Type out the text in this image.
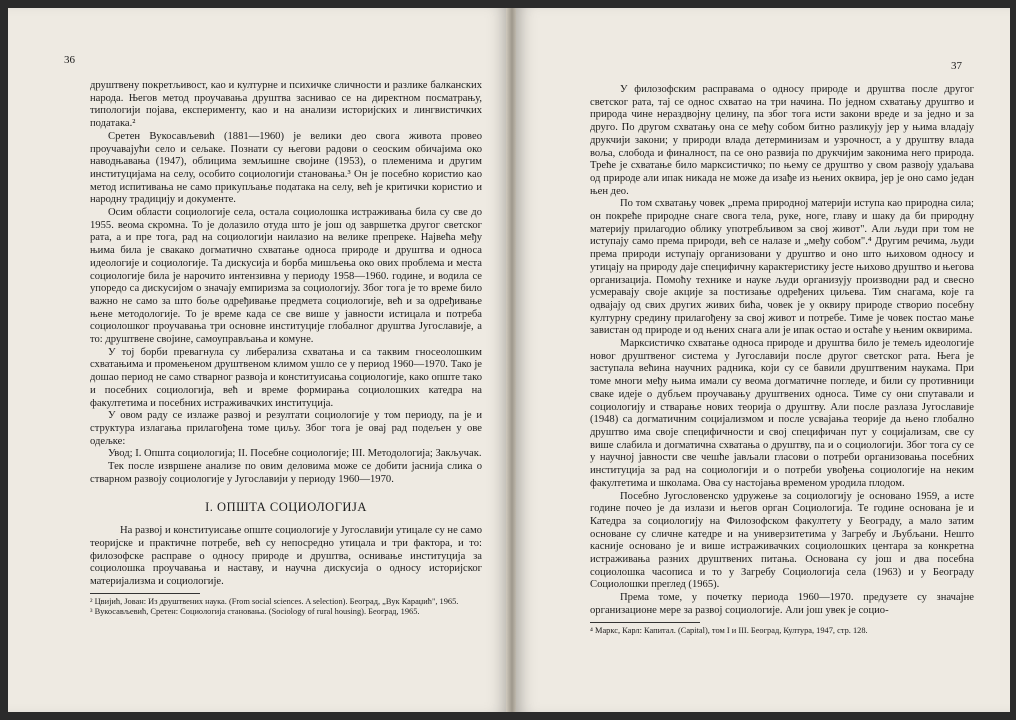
36

друштвену покретљивост, као и културне и психичке сличности и разлике балканских народа. Његов метод проучавања друштва заснивао се на директном посматрању, типологији појава, експерименту, као и на анализи историјских и лингвистичких података.²

Сретен Вукосављевић (1881—1960) је велики део свога живота провео проучавајући село и сељаке. Познати су његови радови о сеоским обичајима око наводњавања (1947), облицима земљишне својине (1953), о племенима и другим институцијама на селу, особито социологији становања.³ Он је посебно користио као метод испитивања не само прикупљање података на селу, већ је критички користио и народну традицију и документе.

Осим области социологије села, остала социолошка истраживања била су све до 1955. веома скромна. То је долазило отуда што је још од завршетка другог светског рата, а и пре тога, рад на социологији наилазио на велике препреке. Највећа међу њима била је свакако догматично схватање односа природе и друштва и односа идеологије и социологије. Та дискусија и борба мишљења око ових проблема и места социологије била је нарочито интензивна у периоду 1958—1960. године, и водила се упоредо са дискусијом о значају емпиризма за социологију. Због тога је то време било важно не само за што боље одређивање предмета социологије, већ и за одређивање њене методологије. То је време када се све више у јавности истицала и потреба социолошког проучавања три основне институције глобалног друштва Југославије, а то: друштвене својине, самоуправљања и комуне.

У тој борби превагнула су либерализа схватања и са таквим гносеолошким схватањима и промењеном друштвеном климом ушло се у период 1960—1970. Тако је дошао период не само стварног развоја и конституисања социологије, како опште тако и посебних социологија, већ и време формирања социолошких катедра на факултетима и посебних истраживачких институција.

У овом раду се излаже развој и резултати социологије у том периоду, па је и структура излагања прилагођена томе циљу. Због тога је овај рад подељен у ове одељке:

Увод; I. Општа социологија; II. Посебне социологије; III. Методологија; Закључак.

Тек после извршене анализе по овим деловима може се добити јаснија слика о стварном развоју социологије у Југославији у периоду 1960—1970.

I. ОПШТА СОЦИОЛОГИЈА

На развој и конституисање опште социологије у Југославији утицале су не само теоријске и практичне потребе, већ су непосредно утицала и три фактора, и то: филозофске расправе о односу природе и друштва, оснивање институција за социолошка проучавања и наставу, и научна дискусија о односу историјског материјализма и социологије.

² Цвијић, Јован: Из друштвених наука. (From social sciences. A selection). Београд, „Вук Караџић", 1965.

³ Вукосављевић, Сретен: Социологија становања. (Sociology of rural housing). Београд, 1965.

37

У филозофским расправама о односу природе и друштва после другог светског рата, тај се однос схватао на три начина. По једном схватању друштво и природа чине нераздвојну целину, па због тога исти закони вреде и за једно и за друго. По другом схватању она се међу собом битно разликују јер у њима владају друкчији закони; у природи влада детерминизам и узрочност, а у друштву влада воља, слобода и финалност, па се оно развија по друкчијим законима него природа. Треће је схватање било марксистичко; по њему се друштво у свом развоју удаљава од природе али ипак никада не може да изађе из њених оквира, јер је оно само један њен део.

По том схватању човек „према природној материји иступа као природна сила; он покреће природне снаге свога тела, руке, ноге, главу и шаку да би природну материју прилагодио облику употребљивом за свој живот". Али људи при том не иступају само према природи, већ се налазе и „међу собом".⁴ Другим речима, људи према природи иступају организовани у друштво и оно што њиховом односу и утицају на природу даје специфичну карактеристику јесте њихово друштво и његова организација. Помоћу технике и науке људи организују производни рад и свесно усмеравају своје акције за постизање одређених циљева. Тим снагама, које га одвајају од свих других живих бића, човек је у оквиру природе створио посебну културну средину прилагођену за свој живот и потребе. Тиме је човек постао мање завистан од природе и од њених снага али је ипак остао и остаће у њеним оквирима.

Марксистичко схватање односа природе и друштва било је темељ идеологије новог друштвеног система у Југославији после другог светског рата. Њега је заступала већина научних радника, који су се бавили друштвеним наукама. При томе многи међу њима имали су веома догматичне погледе, и били су противници сваке идеје о дубљем проучавању друштвених односа. Тиме су они спутавали и социологију и стварање нових теорија о друштву. Али после разлаза Југославије (1948) са догматичним социјализмом и после усвајања теорије да њено глобално друштво има своје специфичности и свој специфичан пут у социјализам, све су више слабила и догматична схватања о друштву, па и о социологији. Због тога су се у научној јавности све чешће јављали гласови о потреби организовања посебних институција за рад на социологији и о потреби увођења социологије на неким факултетима и школама. Ова су настојања временом уродила плодом.

Посебно Југословенско удружење за социологију је основано 1959, а исте године почео је да излази и његов орган Социологија. Те године основана је и Катедра за социологију на Филозофском факултету у Београду, а мало затим основане су сличне катедре и на универзитетима у Загребу и Љубљани. Нешто касније основано је и више истраживачких социолошких центара за конкретна истраживања разних друштвених питања. Основана су још и два посебна социолошка часописа и то у Загребу Социологија села (1963) и у Београду Социолошки преглед (1965).

Према томе, у почетку периода 1960—1970. предузете су значајне организационе мере за развој социологије. Али још увек је социо-

⁴ Маркс, Карл: Капитал. (Capital), том I и III. Београд, Култура, 1947, стр. 128.
